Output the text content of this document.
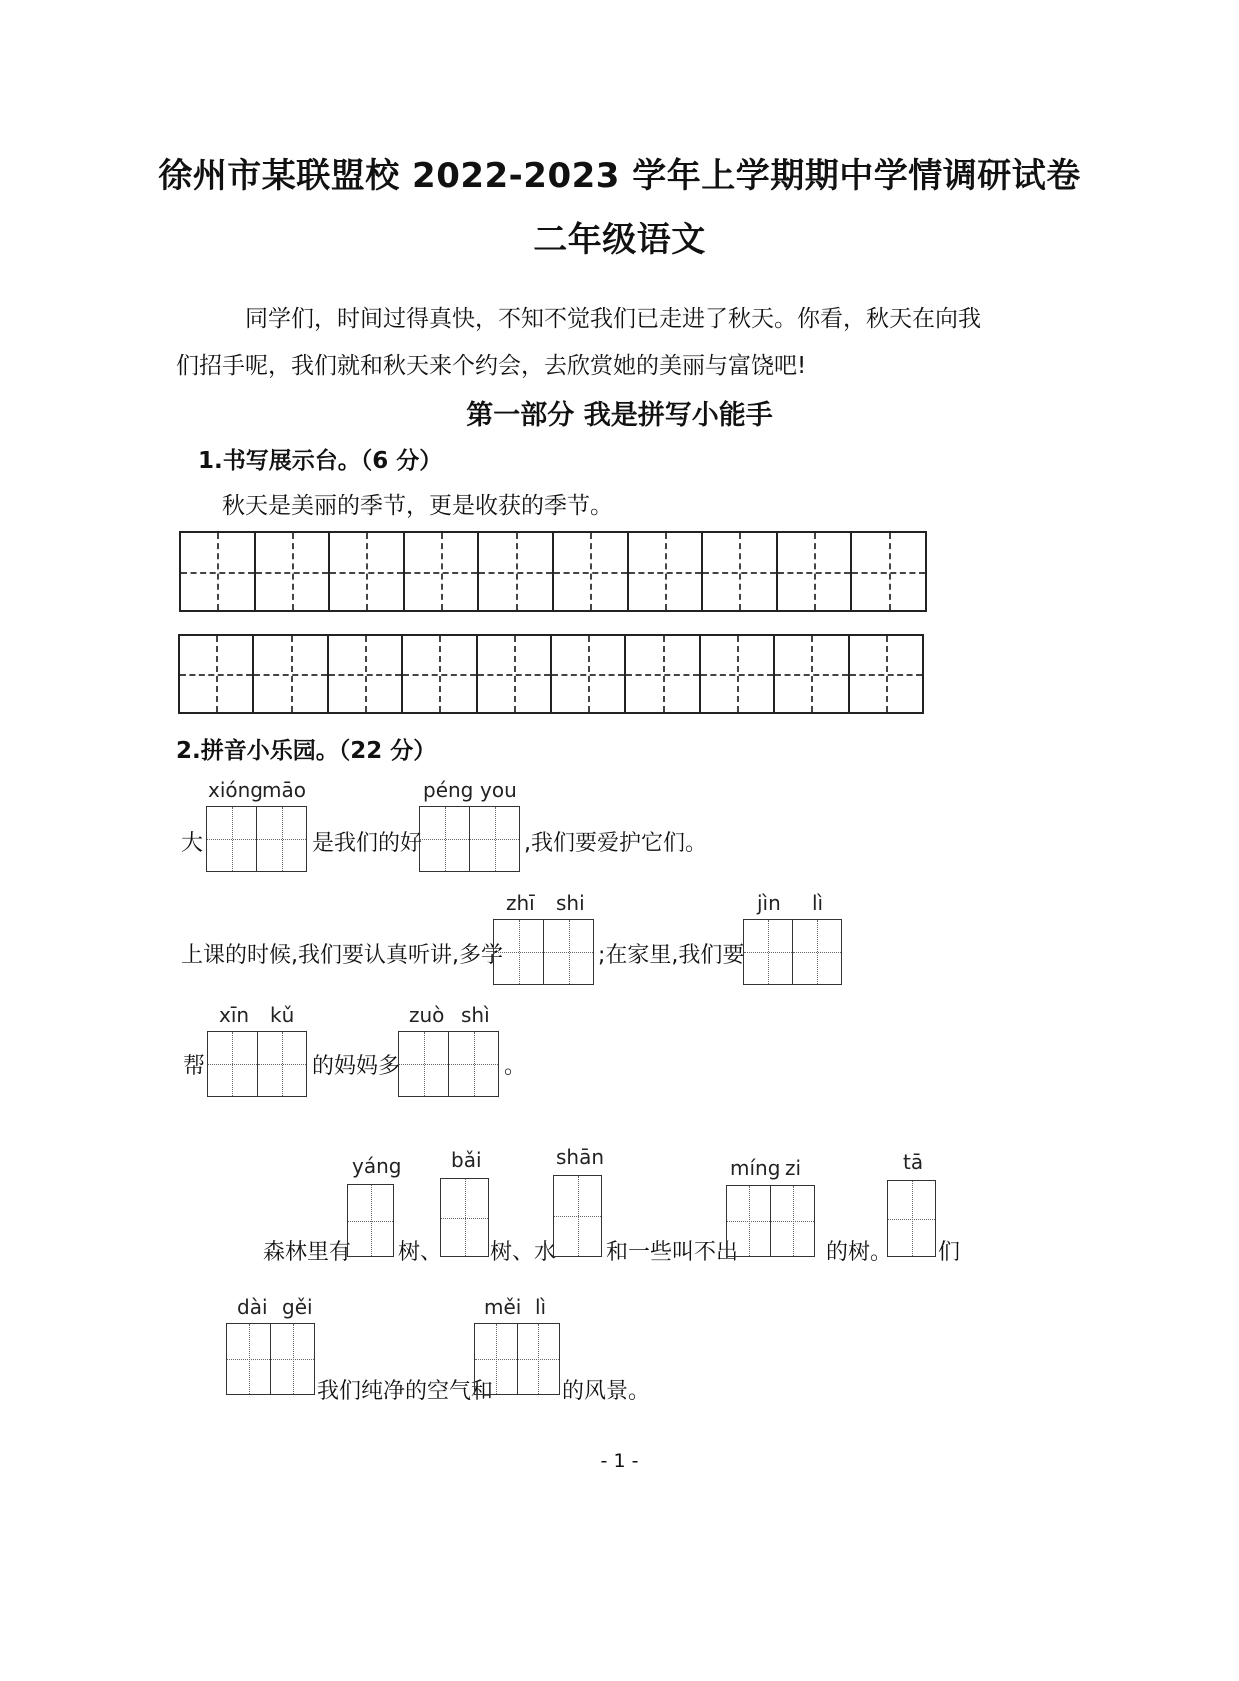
徐州市某联盟校 2022-2023 学年上学期期中学情调研试卷
二年级语文
同学们，时间过得真快，不知不觉我们已走进了秋天。你看，秋天在向我
们招手呢，我们就和秋天来个约会，去欣赏她的美丽与富饶吧!
第一部分 我是拼写小能手
1.书写展示台。（6 分）
秋天是美丽的季节，更是收获的季节。
2.拼音小乐园。（22 分）
大
xióng māo
是我们的好
péng you
,我们要爱护它们。
上课的时候,我们要认真听讲,多学
zhī shi
;在家里,我们要
jìn lì
帮
xīn kǔ
的妈妈多
zuò shì
。
森林里有
yáng
树、
bǎi
树、水
shān
和一些叫不出
míng zi
的树。
tā
们
dài gěi
我们纯净的空气和
měi lì
的风景。
- 1 -
